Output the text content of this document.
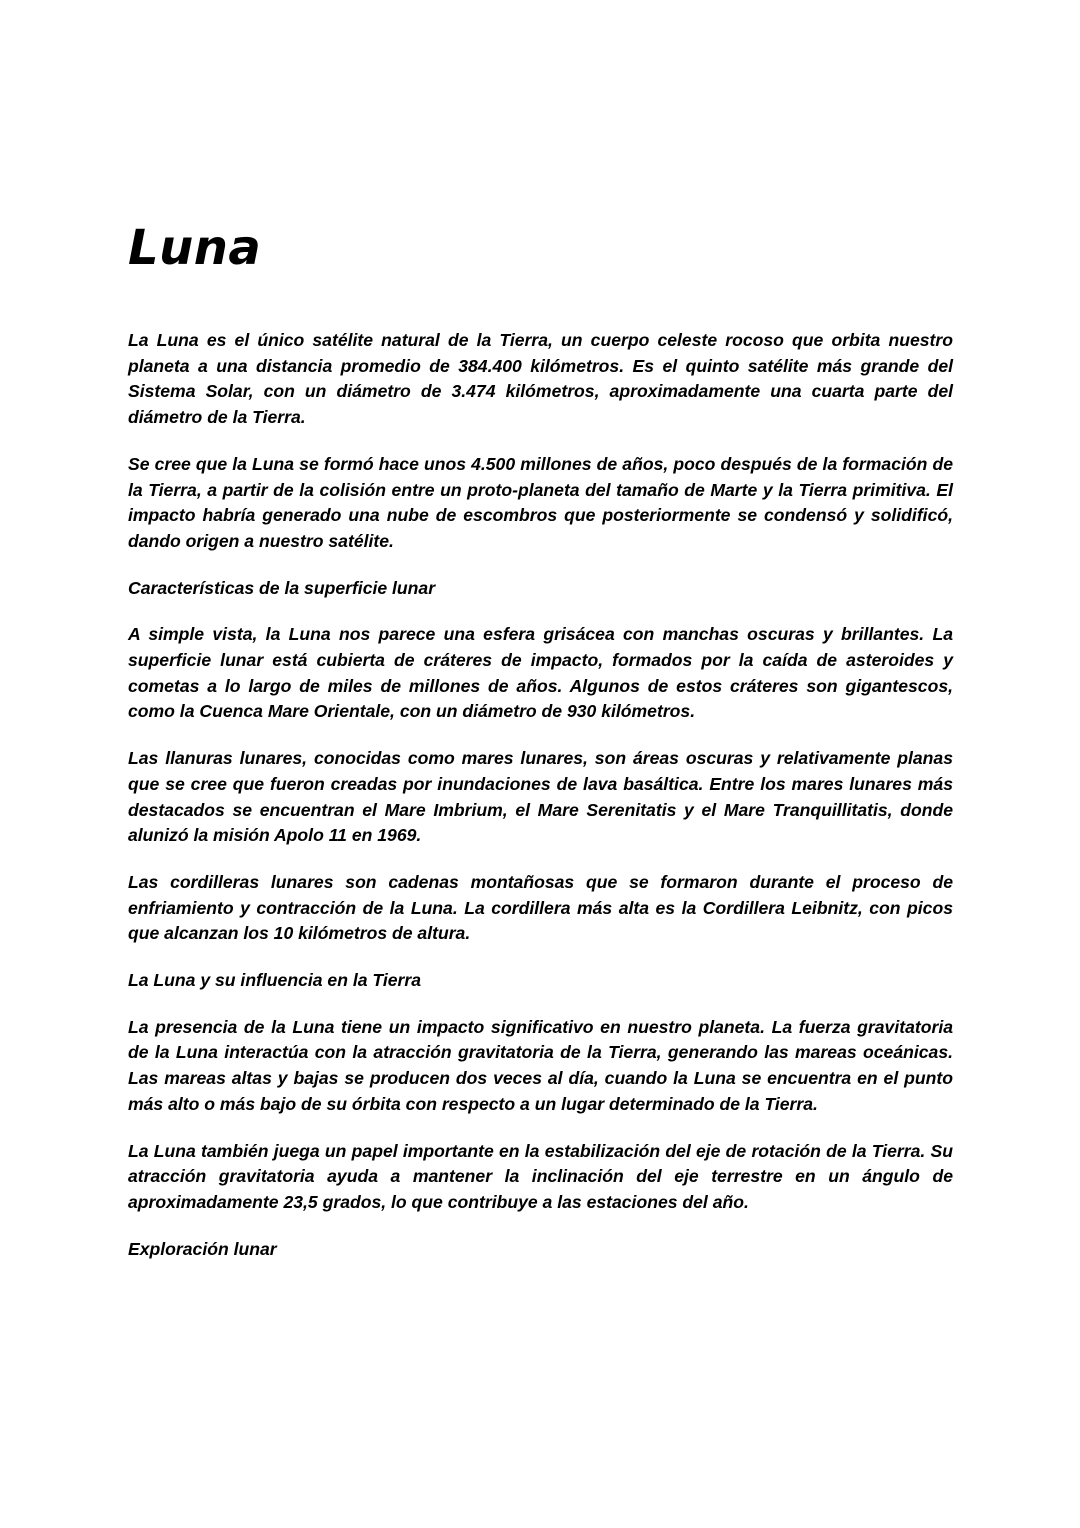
Luna

La Luna es el único satélite natural de la Tierra, un cuerpo celeste rocoso que orbita nuestro planeta a una distancia promedio de 384.400 kilómetros. Es el quinto satélite más grande del Sistema Solar, con un diámetro de 3.474 kilómetros, aproximadamente una cuarta parte del diámetro de la Tierra.

Se cree que la Luna se formó hace unos 4.500 millones de años, poco después de la formación de la Tierra, a partir de la colisión entre un proto-planeta del tamaño de Marte y la Tierra primitiva. El impacto habría generado una nube de escombros que posteriormente se condensó y solidificó, dando origen a nuestro satélite.

Características de la superficie lunar

A simple vista, la Luna nos parece una esfera grisácea con manchas oscuras y brillantes. La superficie lunar está cubierta de cráteres de impacto, formados por la caída de asteroides y cometas a lo largo de miles de millones de años. Algunos de estos cráteres son gigantescos, como la Cuenca Mare Orientale, con un diámetro de 930 kilómetros.

Las llanuras lunares, conocidas como mares lunares, son áreas oscuras y relativamente planas que se cree que fueron creadas por inundaciones de lava basáltica. Entre los mares lunares más destacados se encuentran el Mare Imbrium, el Mare Serenitatis y el Mare Tranquillitatis, donde alunizó la misión Apolo 11 en 1969.

Las cordilleras lunares son cadenas montañosas que se formaron durante el proceso de enfriamiento y contracción de la Luna. La cordillera más alta es la Cordillera Leibnitz, con picos que alcanzan los 10 kilómetros de altura.

La Luna y su influencia en la Tierra

La presencia de la Luna tiene un impacto significativo en nuestro planeta. La fuerza gravitatoria de la Luna interactúa con la atracción gravitatoria de la Tierra, generando las mareas oceánicas. Las mareas altas y bajas se producen dos veces al día, cuando la Luna se encuentra en el punto más alto o más bajo de su órbita con respecto a un lugar determinado de la Tierra.

La Luna también juega un papel importante en la estabilización del eje de rotación de la Tierra. Su atracción gravitatoria ayuda a mantener la inclinación del eje terrestre en un ángulo de aproximadamente 23,5 grados, lo que contribuye a las estaciones del año.

Exploración lunar
